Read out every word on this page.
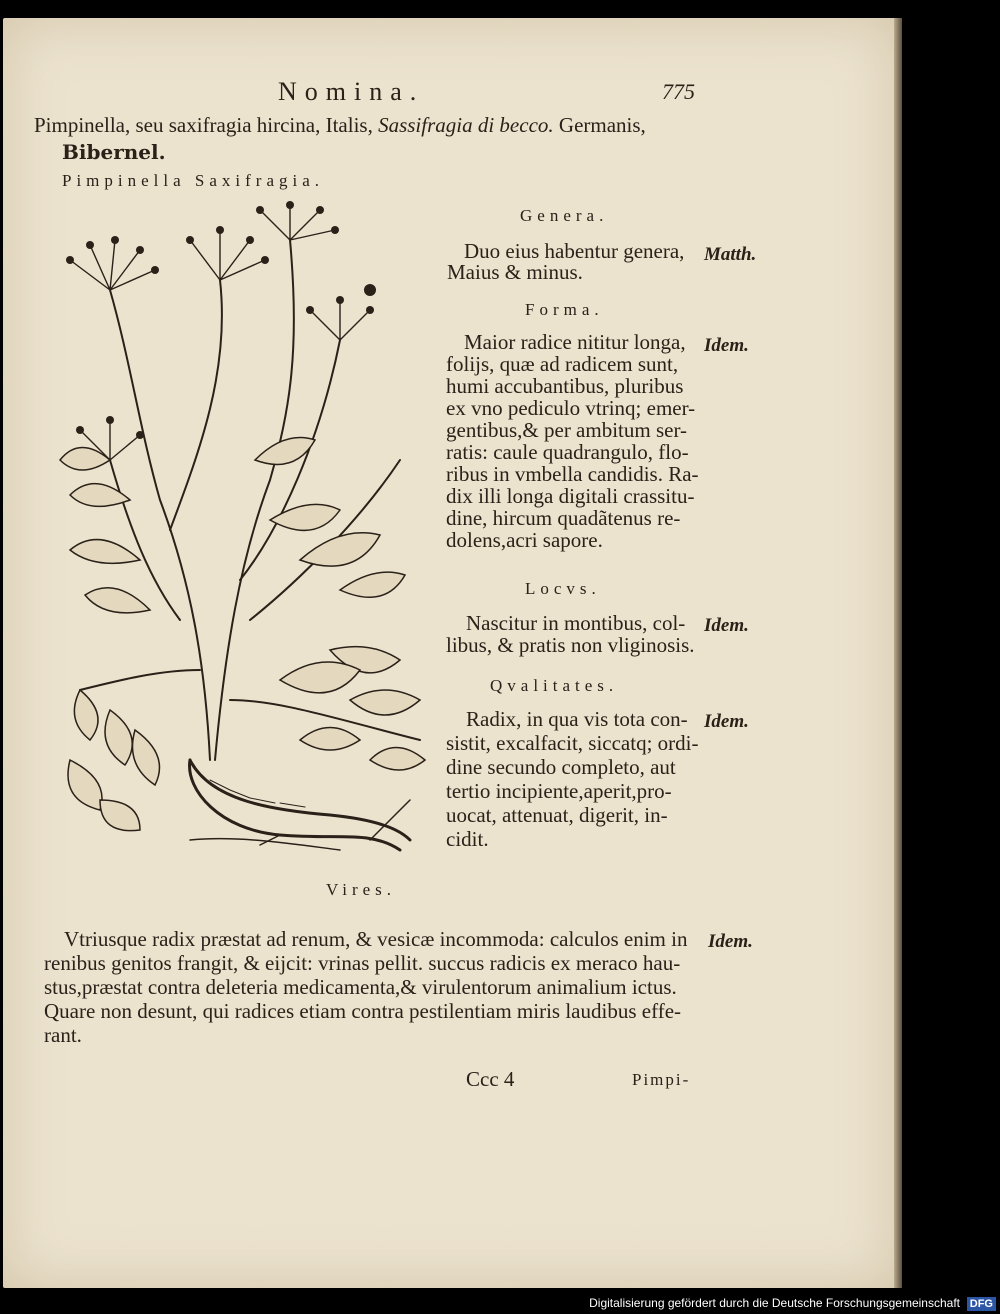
Nomina.	775
Pimpinella, seu saxifragia hircina, Italis, Sassifragia di becco. Germanis,
Bibernel.
Pimpinella Saxifragia.
Genera.
Duo eius habentur genera,
Maius & minus.
Matth.
Forma.
Maior radice nititur longa,
folijs, quæ ad radicem sunt,
humi accubantibus, pluribus
ex vno pediculo vtrinq; emer-
gentibus,& per ambitum ser-
ratis: caule quadrangulo, flo-
ribus in vmbella candidis. Ra-
dix illi longa digitali crassitu-
dine, hircum quadãtenus re-
dolens,acri sapore.
Idem.
Locvs.
Nascitur in montibus, col-
libus, & pratis non vliginosis.
Idem.
Qvalitates.
Radix, in qua vis tota con-
sistit, excalfacit, siccatq; ordi-
dine secundo completo, aut
tertio incipiente,aperit,pro-
uocat, attenuat, digerit, in-
cidit.
Idem.
Vires.
Vtriusque radix præstat ad renum, & vesicæ incommoda: calculos enim in
renibus genitos frangit, & eijcit: vrinas pellit. succus radicis ex meraco hau-
stus,præstat contra deleteria medicamenta,& virulentorum animalium ictus.
Quare non desunt, qui radices etiam contra pestilentiam miris laudibus effe-
rant.
Idem.
Ccc 4	Pimpi-
Digitalisierung gefördert durch die Deutsche Forschungsgemeinschaft DFG
